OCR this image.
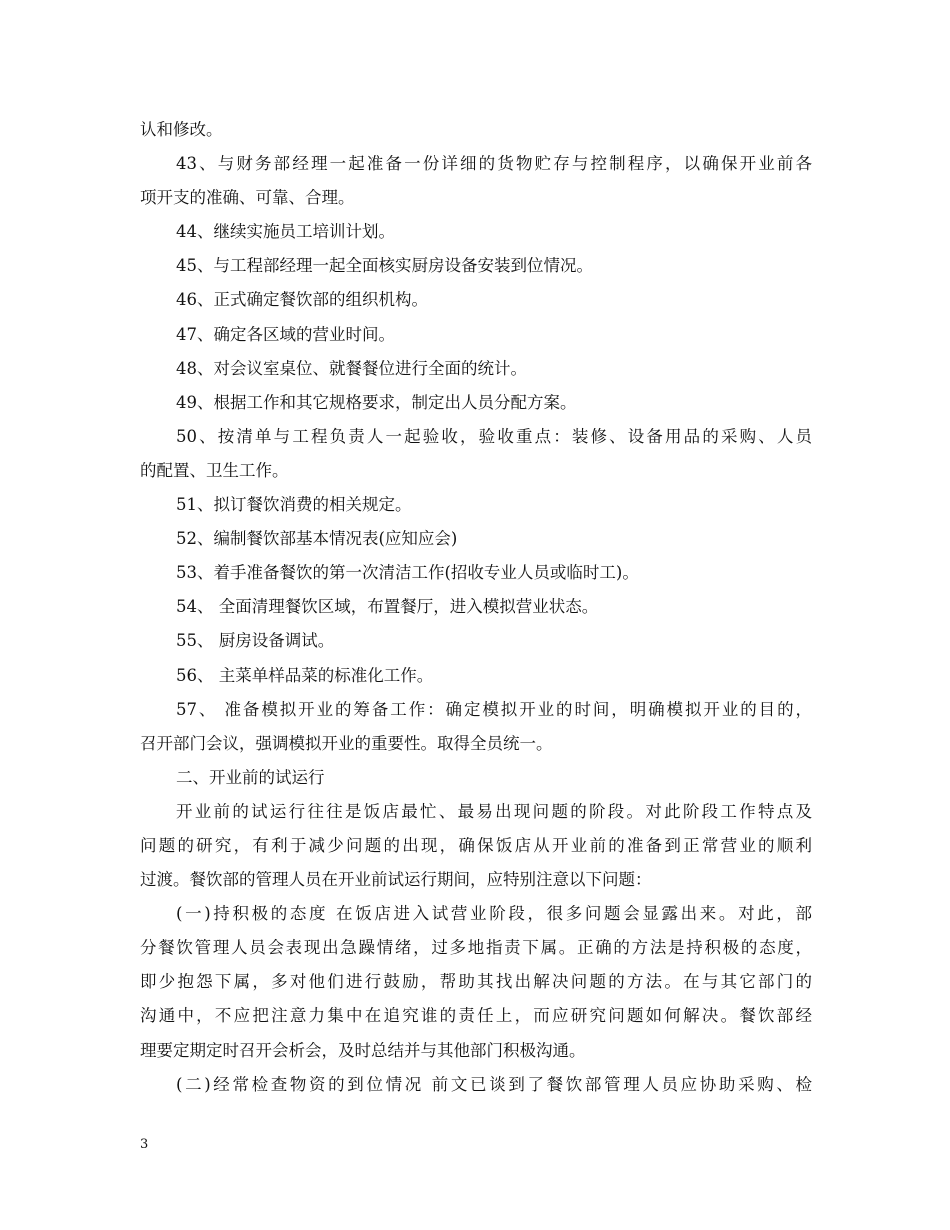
认和修改。
43、与财务部经理一起准备一份详细的货物贮存与控制程序，以确保开业前各
项开支的准确、可靠、合理。
44、继续实施员工培训计划。
45、与工程部经理一起全面核实厨房设备安装到位情况。
46、正式确定餐饮部的组织机构。
47、确定各区域的营业时间。
48、对会议室桌位、就餐餐位进行全面的统计。
49、根据工作和其它规格要求，制定出人员分配方案。
50、按清单与工程负责人一起验收，验收重点：装修、设备用品的采购、人员
的配置、卫生工作。
51、拟订餐饮消费的相关规定。
52、编制餐饮部基本情况表(应知应会)
53、着手准备餐饮的第一次清洁工作(招收专业人员或临时工)。
54、 全面清理餐饮区域，布置餐厅，进入模拟营业状态。
55、 厨房设备调试。
56、 主菜单样品菜的标准化工作。
57、 准备模拟开业的筹备工作：确定模拟开业的时间，明确模拟开业的目的，
召开部门会议，强调模拟开业的重要性。取得全员统一。
二、开业前的试运行
开业前的试运行往往是饭店最忙、最易出现问题的阶段。对此阶段工作特点及
问题的研究，有利于减少问题的出现，确保饭店从开业前的准备到正常营业的顺利
过渡。餐饮部的管理人员在开业前试运行期间，应特别注意以下问题：
(一)持积极的态度 在饭店进入试营业阶段，很多问题会显露出来。对此，部
分餐饮管理人员会表现出急躁情绪，过多地指责下属。正确的方法是持积极的态度，
即少抱怨下属，多对他们进行鼓励，帮助其找出解决问题的方法。在与其它部门的
沟通中，不应把注意力集中在追究谁的责任上，而应研究问题如何解决。餐饮部经
理要定期定时召开会析会，及时总结并与其他部门积极沟通。
(二)经常检查物资的到位情况 前文已谈到了餐饮部管理人员应协助采购、检
3
